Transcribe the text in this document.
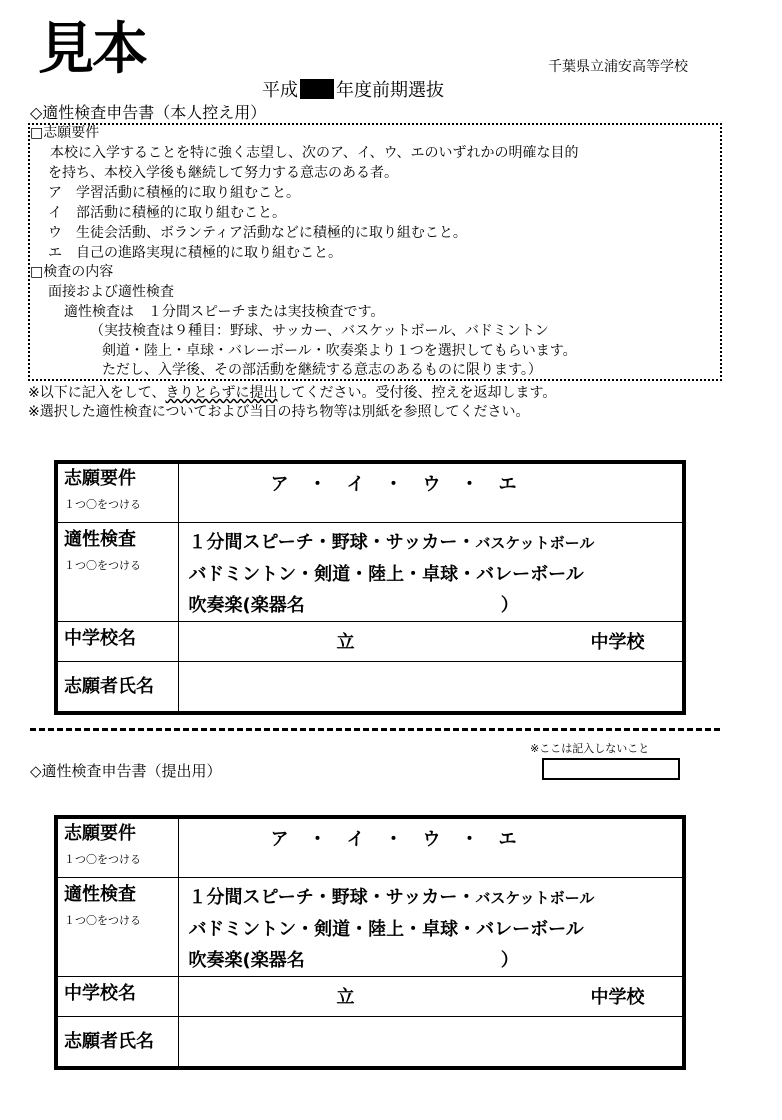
見本	千葉県立浦安高等学校
平成 年度前期選抜
◇適性検査申告書（本人控え用）
□志願要件
本校に入学することを特に強く志望し、次のア、イ、ウ、エのいずれかの明確な目的
を持ち、本校入学後も継続して努力する意志のある者。
ア　学習活動に積極的に取り組むこと。
イ　部活動に積極的に取り組むこと。
ウ　生徒会活動、ボランティア活動などに積極的に取り組むこと。
エ　自己の進路実現に積極的に取り組むこと。
□検査の内容
面接および適性検査
適性検査は　１分間スピーチまたは実技検査です。
（実技検査は９種目：野球、サッカー、バスケットボール、バドミントン
剣道・陸上・卓球・バレーボール・吹奏楽より１つを選択してもらいます。
ただし、入学後、その部活動を継続する意志のあるものに限ります。）
※以下に記入をして、きりとらずに提出してください。受付後、控えを返却します。
※選択した適性検査についておよび当日の持ち物等は別紙を参照してください。
志願要件
１つ〇をつける	ア　・　イ　・　ウ　・　エ

適性検査
１つ〇をつける	１分間スピーチ・野球・サッカー・バスケットボール
バドミントン・剣道・陸上・卓球・バレーボール
吹奏楽(楽器名 ）

中学校名	立 中学校

志願者氏名	

※ここは記入しないこと
◇適性検査申告書（提出用）
志願要件
１つ〇をつける	ア　・　イ　・　ウ　・　エ

適性検査
１つ〇をつける	１分間スピーチ・野球・サッカー・バスケットボール
バドミントン・剣道・陸上・卓球・バレーボール
吹奏楽(楽器名 ）

中学校名	立 中学校

志願者氏名	
